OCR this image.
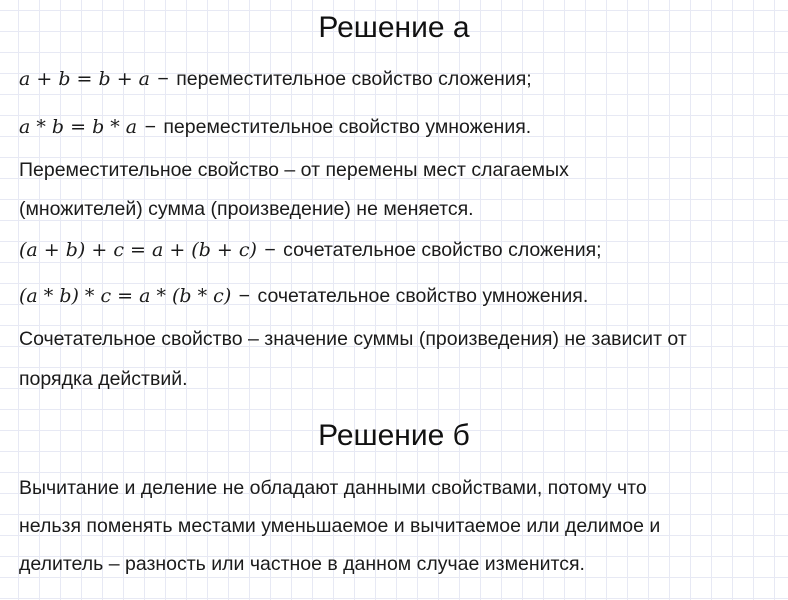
Решение а
a + b = b + a − переместительное свойство сложения;
a * b = b * a − переместительное свойство умножения.
Переместительное свойство – от перемены мест слагаемых
(множителей) сумма (произведение) не меняется.
(a + b) + c = a + (b + c) − сочетательное свойство сложения;
(a * b) * c = a * (b * c) − сочетательное свойство умножения.
Сочетательное свойство – значение суммы (произведения) не зависит от
порядка действий.
Решение б
Вычитание и деление не обладают данными свойствами, потому что
нельзя поменять местами уменьшаемое и вычитаемое или делимое и
делитель – разность или частное в данном случае изменится.
